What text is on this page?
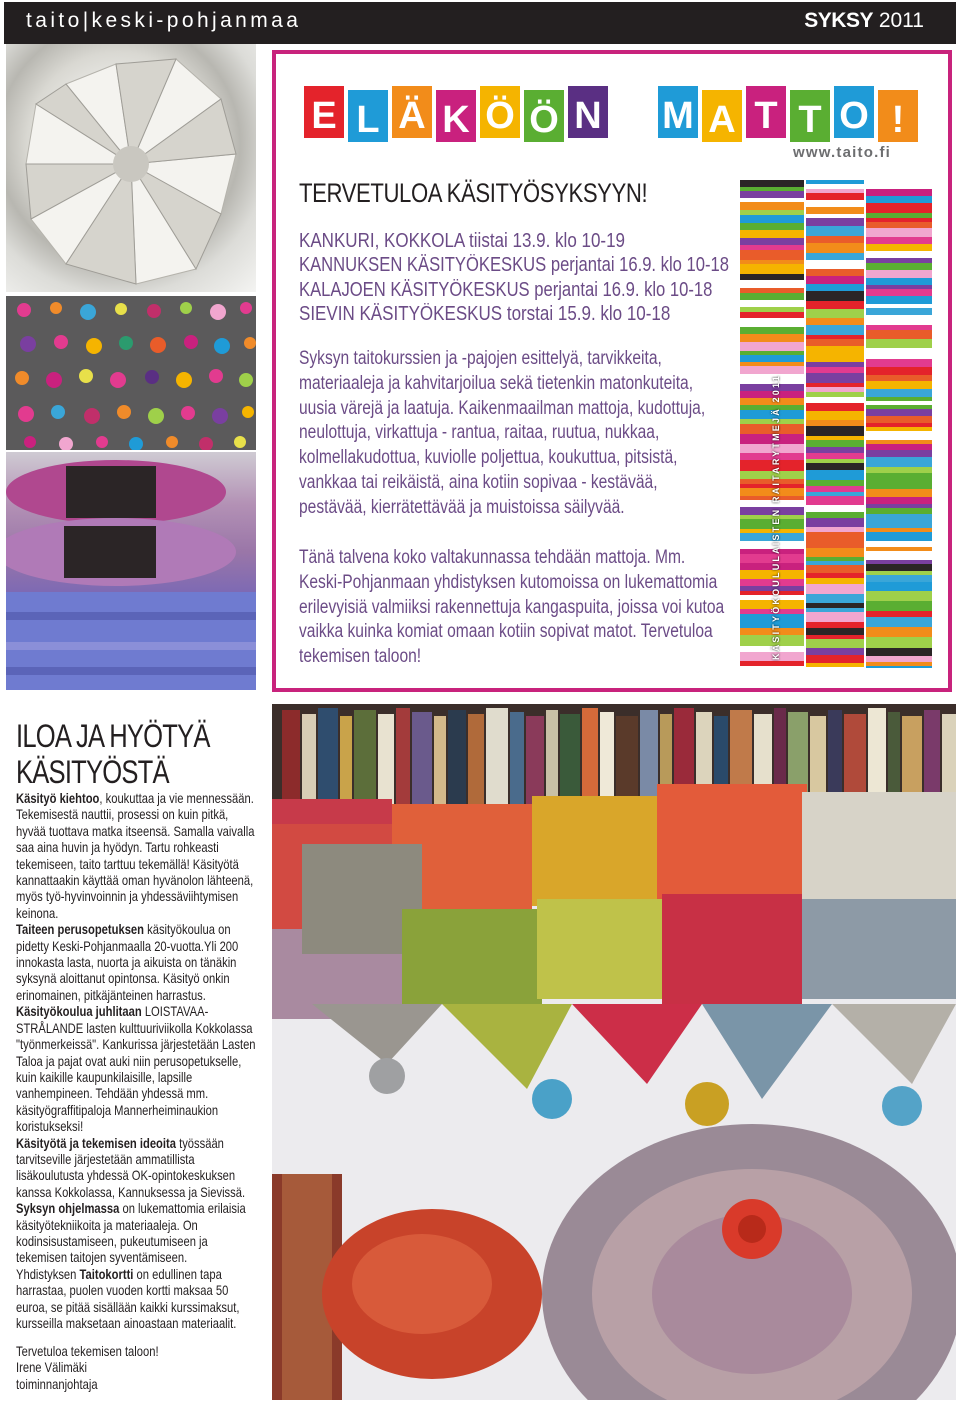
taito|keski-pohjanmaa	SYKSY 2011
E L Ä K Ö Ö N M A T T O !
www.taito.fi
TERVETULOA KÄSITYÖSYKSYYN!
KANKURI, KOKKOLA tiistai 13.9. klo 10-19
KANNUKSEN KÄSITYÖKESKUS perjantai 16.9. klo 10-18
KALAJOEN KÄSITYÖKESKUS perjantai 16.9. klo 10-18
SIEVIN KÄSITYÖKESKUS torstai 15.9. klo 10-18
Syksyn taitokurssien ja -pajojen esittelyä, tarvikkeita, materiaaleja ja kahvitarjoilua sekä tietenkin matonkuteita, uusia värejä ja laatuja. Kaikenmaailman mattoja, kudottuja, neulottuja, virkattuja - rantua, raitaa, ruutua, nukkaa, kolmellakudottua, kuviolle poljettua, koukuttua, pitsistä, vankkaa tai reikäistä, aina kotiin sopivaa - kestävää, pestävää, kierrätettävää ja muistoissa säilyvää.
Tänä talvena koko valtakunnassa tehdään mattoja. Mm. Keski-Pohjanmaan yhdistyksen kutomoissa on lukemattomia erilevyisiä valmiiksi rakennettuja kangaspuita, joissa voi kutoa vaikka kuinka komiat omaan kotiin sopivat matot. Tervetuloa tekemisen taloon!	KÄSITYÖKOULULAISTEN RAITARYTMEJÄ 2011
ILOA JA HYÖTYÄ
KÄSITYÖSTÄ

Käsityö kiehtoo, koukuttaa ja vie mennessään. Tekemisestä nauttii, prosessi on kuin pitkä, hyvää tuottava matka itseensä. Samalla vaivalla saa aina huvin ja hyödyn. Tartu rohkeasti tekemiseen, taito tarttuu tekemällä! Käsityötä kannattaakin käyttää oman hyvänolon lähteenä, myös työ-hyvinvoinnin ja yhdessäviihtymisen keinona.

Taiteen perusopetuksen käsityökoulua on pidetty Keski-Pohjanmaalla 20-vuotta.Yli 200 innokasta lasta, nuorta ja aikuista on tänäkin syksynä aloittanut opintonsa. Käsityö onkin erinomainen, pitkäjänteinen harrastus.

Käsityökoulua juhlitaan LOISTAVAA-STRÅLANDE lasten kulttuuriviikolla Kokkolassa "työnmerkeissä". Kankurissa järjestetään Lasten Taloa ja pajat ovat auki niin perusopetukselle, kuin kaikille kaupunkilaisille, lapsille vanhempineen. Tehdään yhdessä mm. käsityögraffitipaloja Mannerheiminaukion koristukseksi!

Käsityötä ja tekemisen ideoita työssään tarvitseville järjestetään ammatillista lisäkoulutusta yhdessä OK-opintokeskuksen kanssa Kokkolassa, Kannuksessa ja Sievissä.

Syksyn ohjelmassa on lukemattomia erilaisia käsityötekniikoita ja materiaaleja. On kodinsisustamiseen, pukeutumiseen ja tekemisen taitojen syventämiseen.

Yhdistyksen Taitokortti on edullinen tapa harrastaa, puolen vuoden kortti maksaa 50 euroa, se pitää sisällään kaikki kurssimaksut, kursseilla maksetaan ainoastaan materiaalit.

Tervetuloa tekemisen taloon!
Irene Välimäki
toiminnanjohtaja
